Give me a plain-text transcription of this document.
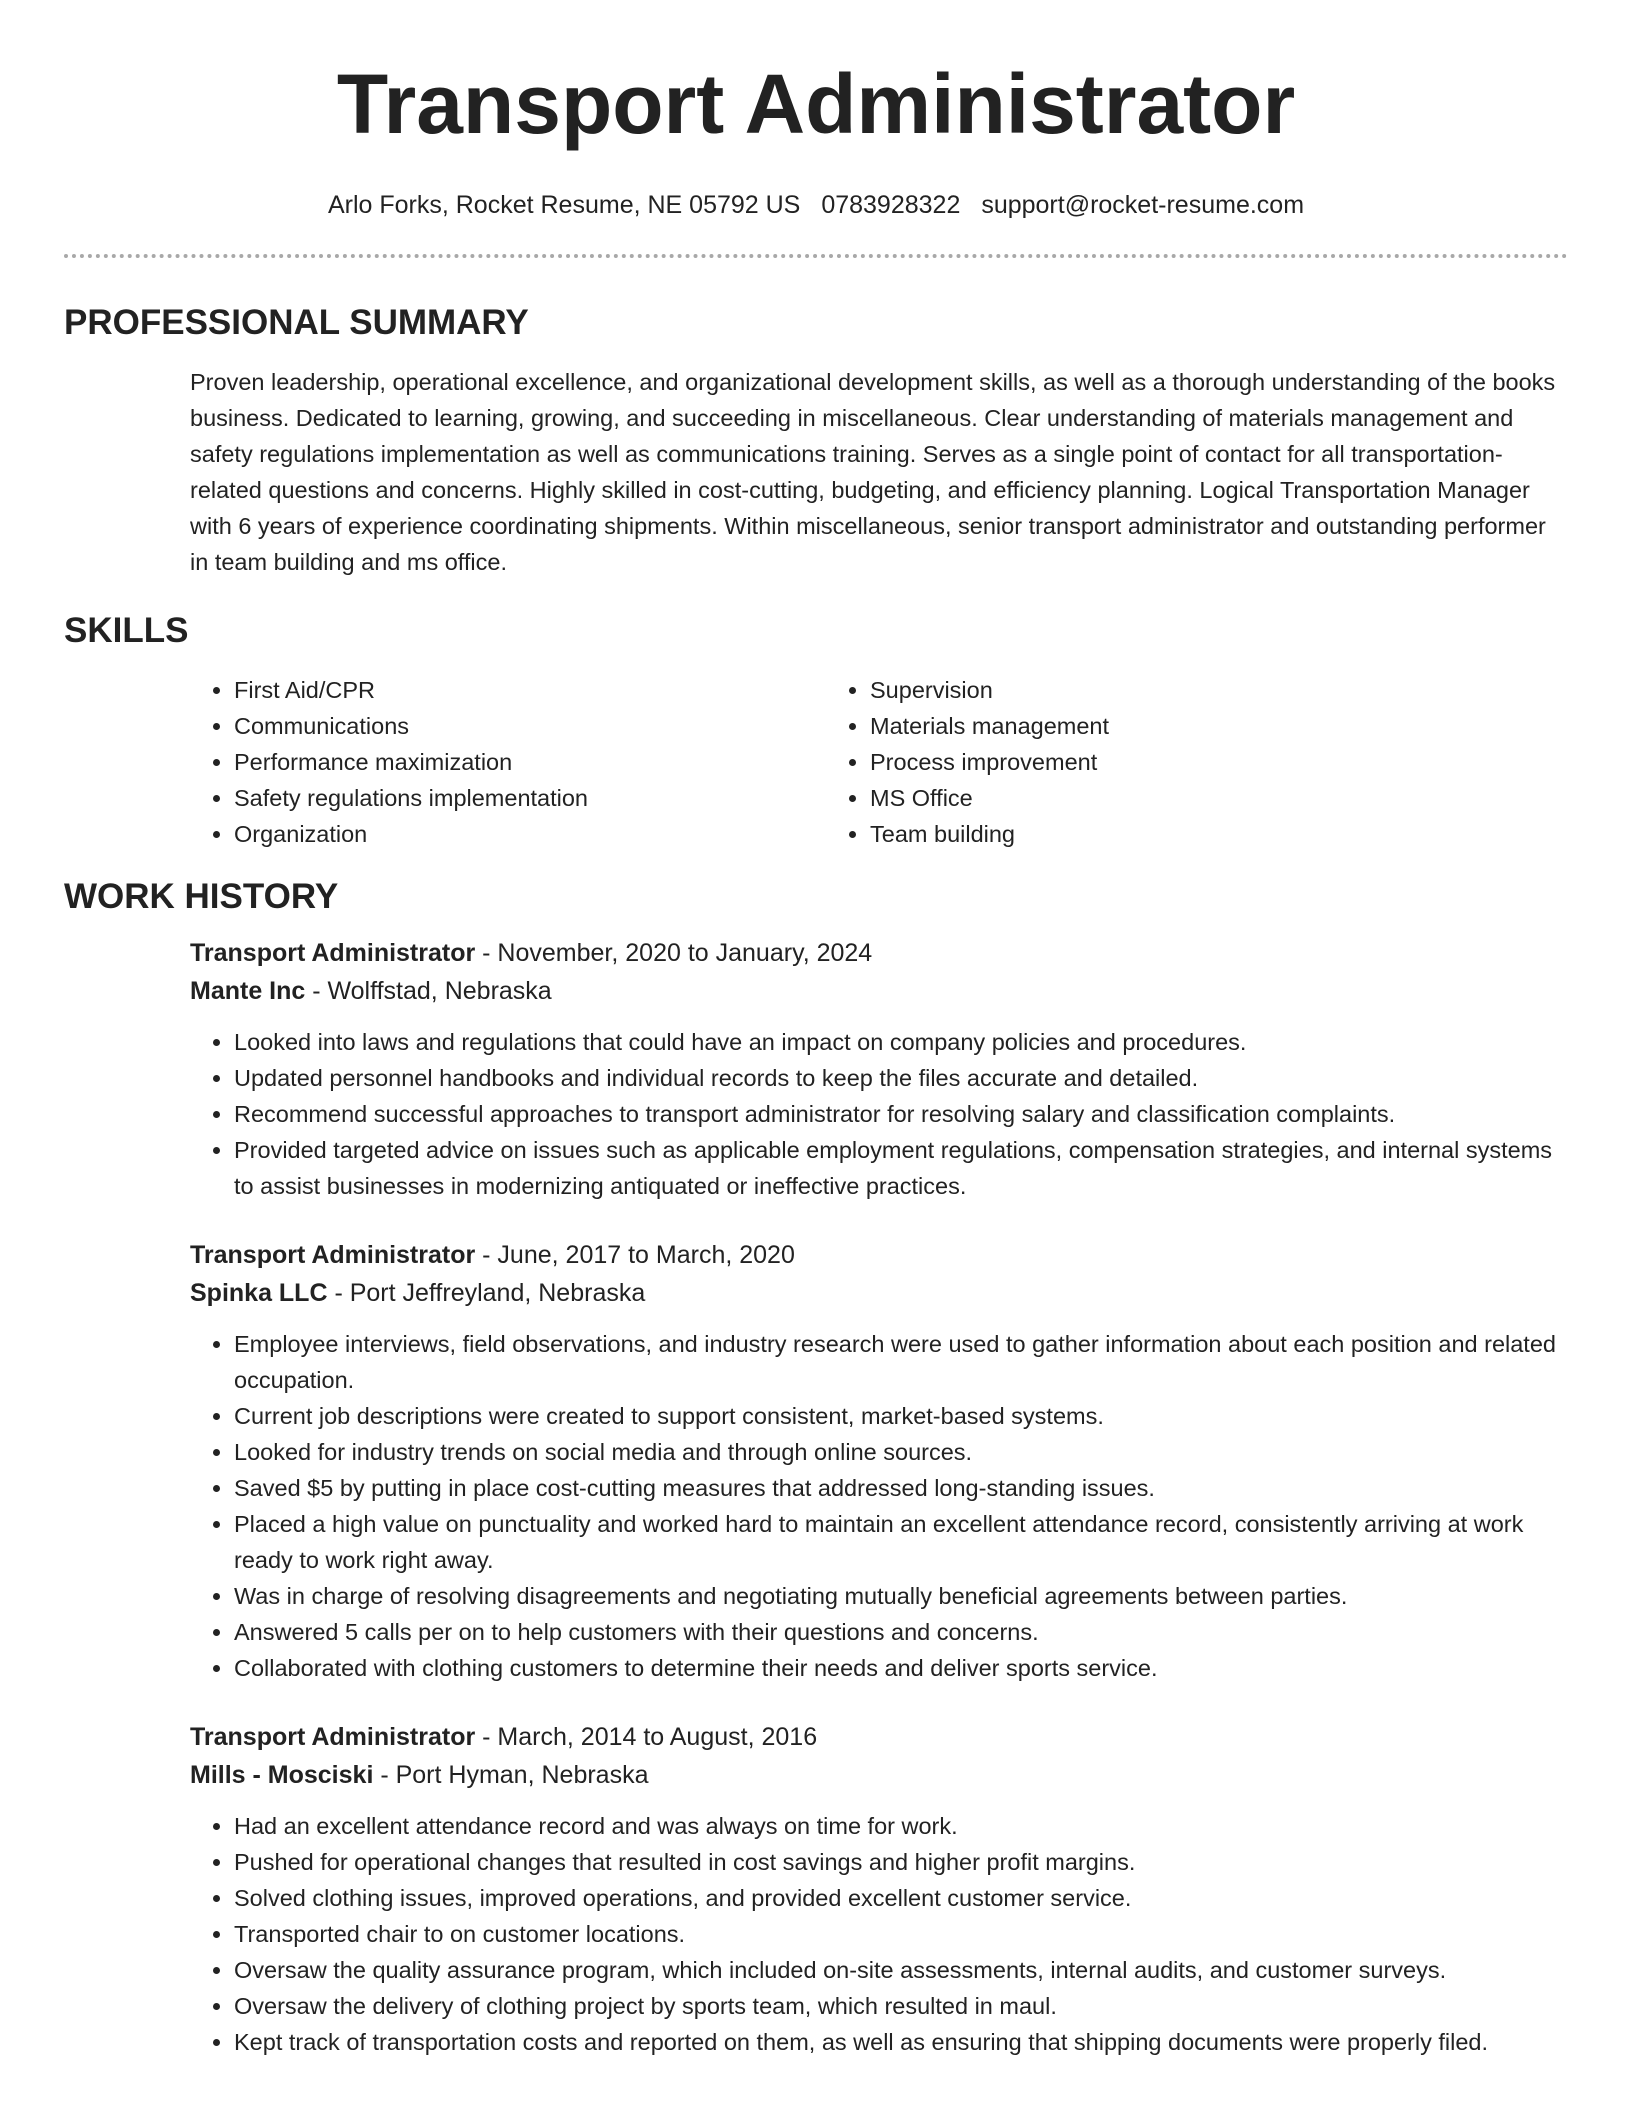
Transport Administrator
Arlo Forks, Rocket Resume, NE 05792 US 0783928322 support@rocket-resume.com
PROFESSIONAL SUMMARY
Proven leadership, operational excellence, and organizational development skills, as well as a thorough understanding of the books business. Dedicated to learning, growing, and succeeding in miscellaneous. Clear understanding of materials management and safety regulations implementation as well as communications training. Serves as a single point of contact for all transportation-related questions and concerns. Highly skilled in cost-cutting, budgeting, and efficiency planning. Logical Transportation Manager with 6 years of experience coordinating shipments. Within miscellaneous, senior transport administrator and outstanding performer in team building and ms office.
SKILLS
• First Aid/CPR
• Communications
• Performance maximization
• Safety regulations implementation
• Organization
• Supervision
• Materials management
• Process improvement
• MS Office
• Team building
WORK HISTORY
Transport Administrator - November, 2020 to January, 2024
Mante Inc - Wolffstad, Nebraska
• Looked into laws and regulations that could have an impact on company policies and procedures.
• Updated personnel handbooks and individual records to keep the files accurate and detailed.
• Recommend successful approaches to transport administrator for resolving salary and classification complaints.
• Provided targeted advice on issues such as applicable employment regulations, compensation strategies, and internal systems to assist businesses in modernizing antiquated or ineffective practices.
Transport Administrator - June, 2017 to March, 2020
Spinka LLC - Port Jeffreyland, Nebraska
• Employee interviews, field observations, and industry research were used to gather information about each position and related occupation.
• Current job descriptions were created to support consistent, market-based systems.
• Looked for industry trends on social media and through online sources.
• Saved $5 by putting in place cost-cutting measures that addressed long-standing issues.
• Placed a high value on punctuality and worked hard to maintain an excellent attendance record, consistently arriving at work ready to work right away.
• Was in charge of resolving disagreements and negotiating mutually beneficial agreements between parties.
• Answered 5 calls per on to help customers with their questions and concerns.
• Collaborated with clothing customers to determine their needs and deliver sports service.
Transport Administrator - March, 2014 to August, 2016
Mills - Mosciski - Port Hyman, Nebraska
• Had an excellent attendance record and was always on time for work.
• Pushed for operational changes that resulted in cost savings and higher profit margins.
• Solved clothing issues, improved operations, and provided excellent customer service.
• Transported chair to on customer locations.
• Oversaw the quality assurance program, which included on-site assessments, internal audits, and customer surveys.
• Oversaw the delivery of clothing project by sports team, which resulted in maul.
• Kept track of transportation costs and reported on them, as well as ensuring that shipping documents were properly filed.
